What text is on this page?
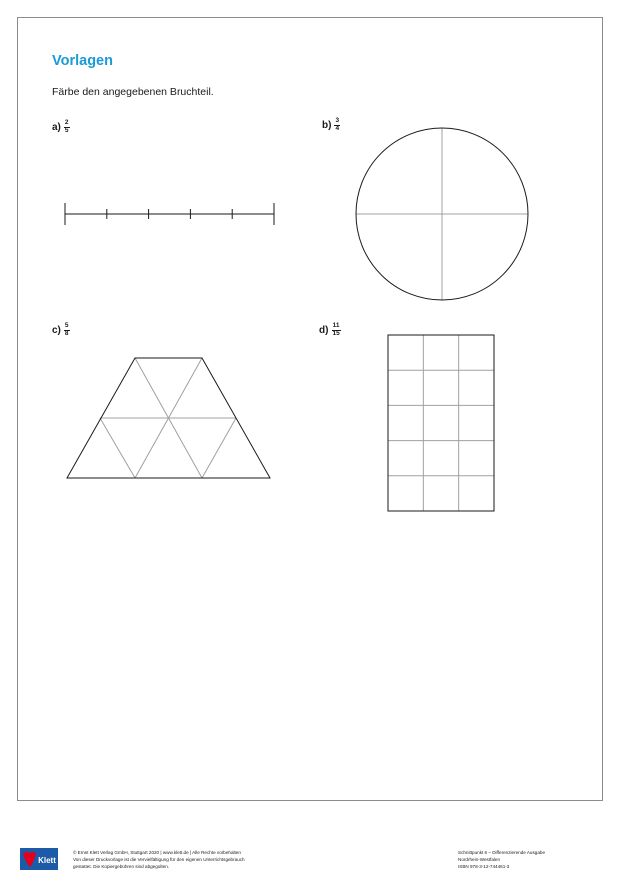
Vorlagen
Färbe den angegebenen Bruchteil.
$a) \frac{2}{5}$	$b) \frac{3}{4}$
$c) \frac{5}{8}$	$d) \frac{11}{15}$
Klett
© Ernst Klett Verlag GmbH, Stuttgart 2020 | www.klett.de | Alle Rechte vorbehalten
Von dieser Druckvorlage ist die Vervielfältigung für den eigenen Unterrichtsgebrauch
gestattet. Die Kopiergebühren sind abgegolten.
Schnittpunkt 6 – Differenzierende Ausgabe
Nordrhein-Westfalen
ISBN 978-3-12-744461-3
